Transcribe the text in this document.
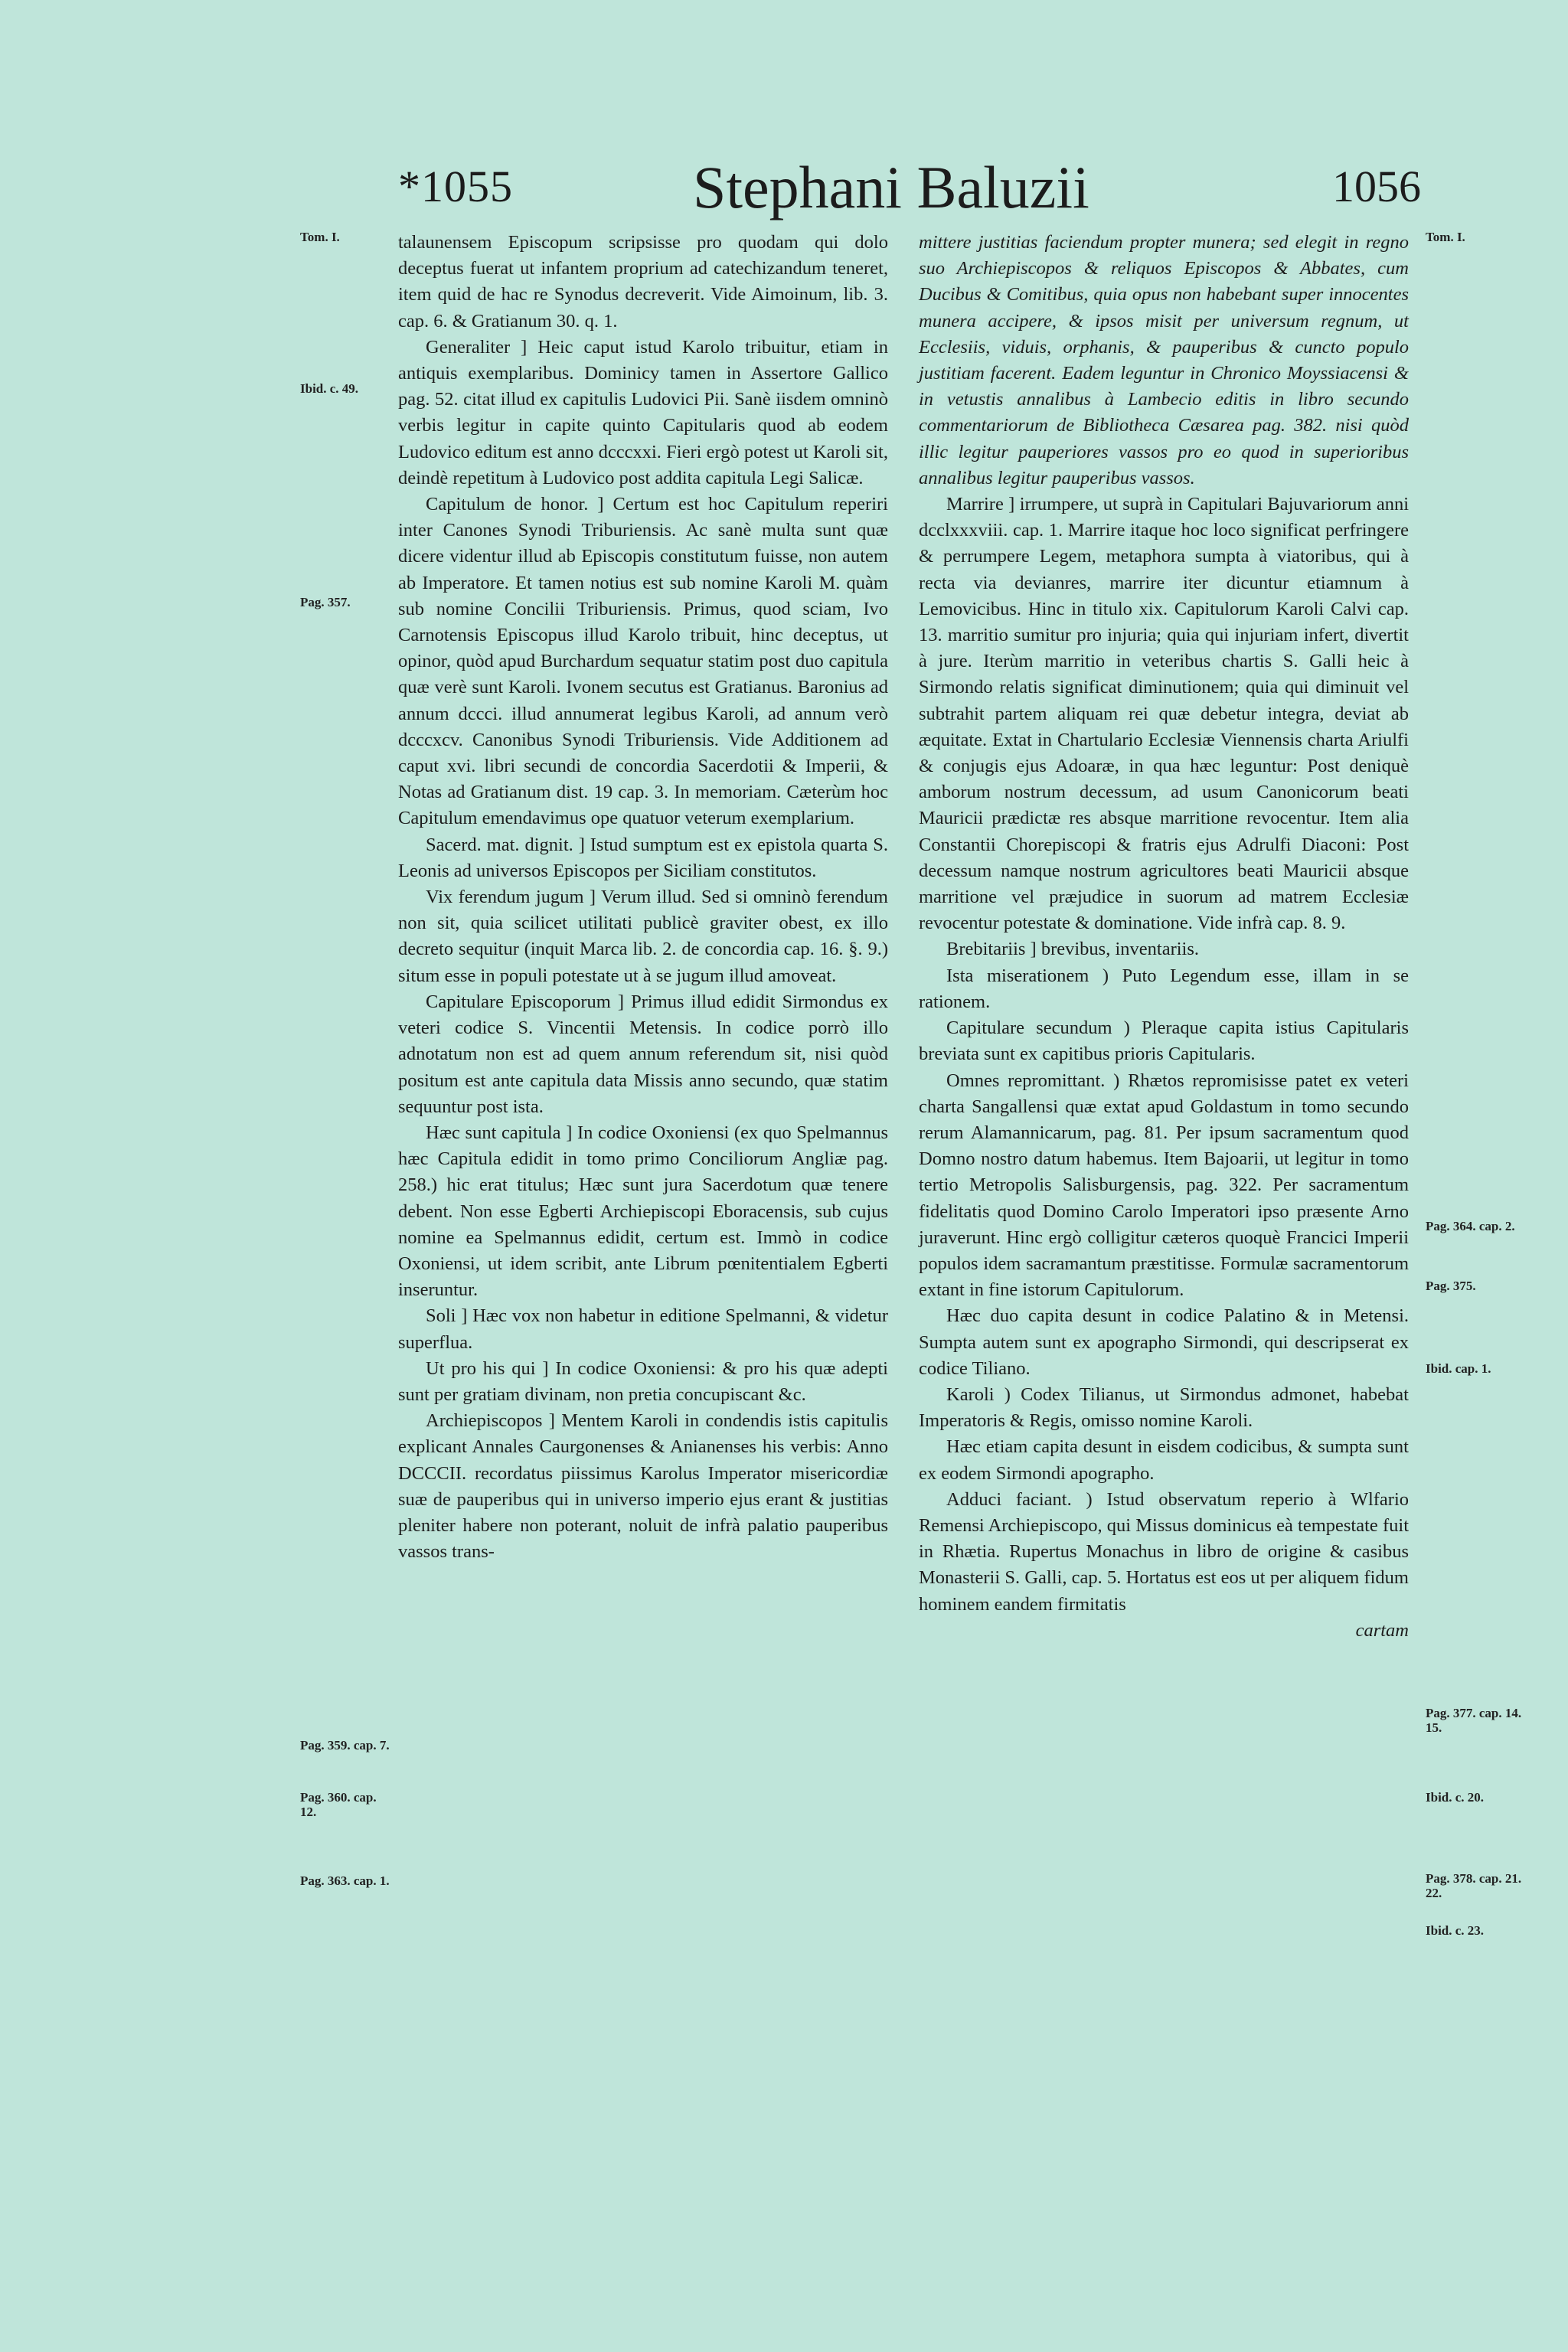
*1055	Stephani Baluzii	1056
Tom. I.
Ibid. c. 49.
Pag. 357.
Pag. 359. cap. 7.
Pag. 360. cap. 12.
Pag. 363. cap. 1.
Tom. I.
Pag. 364. cap. 2.
Pag. 375.
Ibid. cap. 1.
Pag. 377. cap. 14. 15.
Ibid. c. 20.
Pag. 378. cap. 21. 22.
Ibid. c. 23.

talaunensem Episcopum scripsisse pro quodam qui dolo deceptus fuerat ut infantem proprium ad catechizandum teneret, item quid de hac re Synodus decreverit. Vide Aimoinum, lib. 3. cap. 6. & Gratianum 30. q. 1.

Generaliter ] Heic caput istud Karolo tribuitur, etiam in antiquis exemplaribus. Dominicy tamen in Assertore Gallico pag. 52. citat illud ex capitulis Ludovici Pii. Sanè iisdem omninò verbis legitur in capite quinto Capitularis quod ab eodem Ludovico editum est anno dcccxxi. Fieri ergò potest ut Karoli sit, deindè repetitum à Ludovico post addita capitula Legi Salicæ.

Capitulum de honor. ] Certum est hoc Capitulum reperiri inter Canones Synodi Triburiensis. Ac sanè multa sunt quæ dicere videntur illud ab Episcopis constitutum fuisse, non autem ab Imperatore. Et tamen notius est sub nomine Karoli M. quàm sub nomine Concilii Triburiensis. Primus, quod sciam, Ivo Carnotensis Episcopus illud Karolo tribuit, hinc deceptus, ut opinor, quòd apud Burchardum sequatur statim post duo capitula quæ verè sunt Karoli. Ivonem secutus est Gratianus. Baronius ad annum dccci. illud annumerat legibus Karoli, ad annum verò dcccxcv. Canonibus Synodi Triburiensis. Vide Additionem ad caput xvi. libri secundi de concordia Sacerdotii & Imperii, & Notas ad Gratianum dist. 19 cap. 3. In memoriam. Cæterùm hoc Capitulum emendavimus ope quatuor veterum exemplarium.

Sacerd. mat. dignit. ] Istud sumptum est ex epistola quarta S. Leonis ad universos Episcopos per Siciliam constitutos.

Vix ferendum jugum ] Verum illud. Sed si omninò ferendum non sit, quia scilicet utilitati publicè graviter obest, ex illo decreto sequitur (inquit Marca lib. 2. de concordia cap. 16. §. 9.) situm esse in populi potestate ut à se jugum illud amoveat.

Capitulare Episcoporum ] Primus illud edidit Sirmondus ex veteri codice S. Vincentii Metensis. In codice porrò illo adnotatum non est ad quem annum referendum sit, nisi quòd positum est ante capitula data Missis anno secundo, quæ statim sequuntur post ista.

Hæc sunt capitula ] In codice Oxoniensi (ex quo Spelmannus hæc Capitula edidit in tomo primo Conciliorum Angliæ pag. 258.) hic erat titulus; Hæc sunt jura Sacerdotum quæ tenere debent. Non esse Egberti Archiepiscopi Eboracensis, sub cujus nomine ea Spelmannus edidit, certum est. Immò in codice Oxoniensi, ut idem scribit, ante Librum pœnitentialem Egberti inseruntur.

Soli ] Hæc vox non habetur in editione Spelmanni, & videtur superflua.

Ut pro his qui ] In codice Oxoniensi: & pro his quæ adepti sunt per gratiam divinam, non pretia concupiscant &c.

Archiepiscopos ] Mentem Karoli in condendis istis capitulis explicant Annales Caurgonenses & Anianenses his verbis: Anno DCCCII. recordatus piissimus Karolus Imperator misericordiæ suæ de pauperibus qui in universo imperio ejus erant & justitias pleniter habere non poterant, noluit de infrà palatio pauperibus vassos trans-

mittere justitias faciendum propter munera; sed elegit in regno suo Archiepiscopos & reliquos Episcopos & Abbates, cum Ducibus & Comitibus, quia opus non habebant super innocentes munera accipere, & ipsos misit per universum regnum, ut Ecclesiis, viduis, orphanis, & pauperibus & cuncto populo justitiam facerent. Eadem leguntur in Chronico Moyssiacensi & in vetustis annalibus à Lambecio editis in libro secundo commentariorum de Bibliotheca Cæsarea pag. 382. nisi quòd illic legitur pauperiores vassos pro eo quod in superioribus annalibus legitur pauperibus vassos.

Marrire ] irrumpere, ut suprà in Capitulari Bajuvariorum anni dcclxxxviii. cap. 1. Marrire itaque hoc loco significat perfringere & perrumpere Legem, metaphora sumpta à viatoribus, qui à recta via devianres, marrire iter dicuntur etiamnum à Lemovicibus. Hinc in titulo xix. Capitulorum Karoli Calvi cap. 13. marritio sumitur pro injuria; quia qui injuriam infert, divertit à jure. Iterùm marritio in veteribus chartis S. Galli heic à Sirmondo relatis significat diminutionem; quia qui diminuit vel subtrahit partem aliquam rei quæ debetur integra, deviat ab æquitate. Extat in Chartulario Ecclesiæ Viennensis charta Ariulfi & conjugis ejus Adoaræ, in qua hæc leguntur: Post deniquè amborum nostrum decessum, ad usum Canonicorum beati Mauricii prædictæ res absque marritione revocentur. Item alia Constantii Chorepiscopi & fratris ejus Adrulfi Diaconi: Post decessum namque nostrum agricultores beati Mauricii absque marritione vel præjudice in suorum ad matrem Ecclesiæ revocentur potestate & dominatione. Vide infrà cap. 8. 9.

Brebitariis ] brevibus, inventariis.

Ista miserationem ) Puto Legendum esse, illam in se rationem.

Capitulare secundum ) Pleraque capita istius Capitularis breviata sunt ex capitibus prioris Capitularis.

Omnes repromittant. ) Rhætos repromisisse patet ex veteri charta Sangallensi quæ extat apud Goldastum in tomo secundo rerum Alamannicarum, pag. 81. Per ipsum sacramentum quod Domno nostro datum habemus. Item Bajoarii, ut legitur in tomo tertio Metropolis Salisburgensis, pag. 322. Per sacramentum fidelitatis quod Domino Carolo Imperatori ipso præsente Arno juraverunt. Hinc ergò colligitur cæteros quoquè Francici Imperii populos idem sacramantum præstitisse. Formulæ sacramentorum extant in fine istorum Capitulorum.

Hæc duo capita desunt in codice Palatino & in Metensi. Sumpta autem sunt ex apographo Sirmondi, qui descripserat ex codice Tiliano.

Karoli ) Codex Tilianus, ut Sirmondus admonet, habebat Imperatoris & Regis, omisso nomine Karoli.

Hæc etiam capita desunt in eisdem codicibus, & sumpta sunt ex eodem Sirmondi apographo.

Adduci faciant. ) Istud observatum reperio à Wlfario Remensi Archiepiscopo, qui Missus dominicus eà tempestate fuit in Rhætia. Rupertus Monachus in libro de origine & casibus Monasterii S. Galli, cap. 5. Hortatus est eos ut per aliquem fidum hominem eandem firmitatis

cartam
